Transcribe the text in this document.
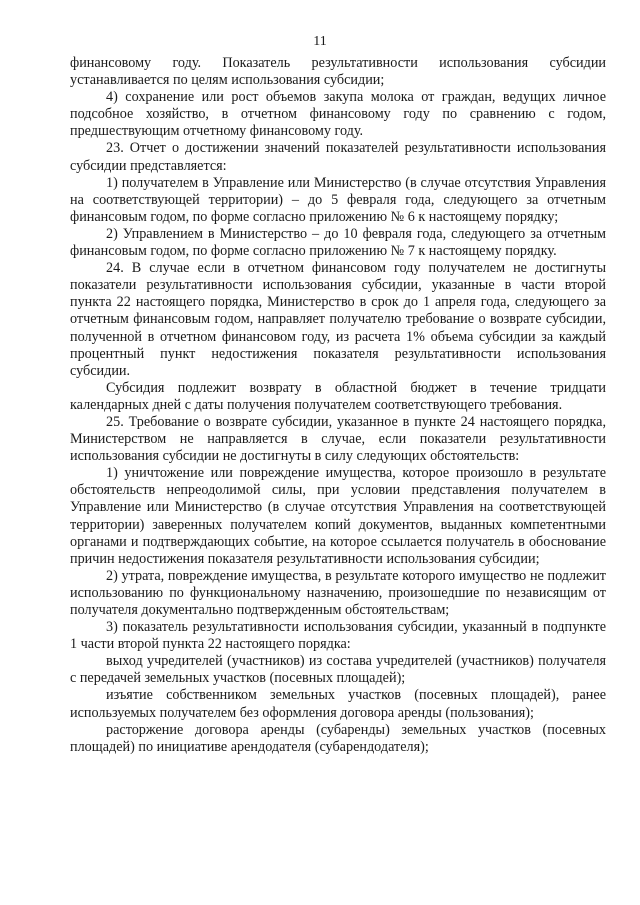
11

финансовому году. Показатель результативности использования субсидии устанавливается по целям использования субсидии;

4) сохранение или рост объемов закупа молока от граждан, ведущих личное подсобное хозяйство, в отчетном финансовому году по сравнению с годом, предшествующим отчетному финансовому году.

23. Отчет о достижении значений показателей результативности использования субсидии представляется:

1) получателем в Управление или Министерство (в случае отсутствия Управления на соответствующей территории) – до 5 февраля года, следующего за отчетным финансовым годом, по форме согласно приложению № 6 к настоящему порядку;

2) Управлением в Министерство – до 10 февраля года, следующего за отчетным финансовым годом, по форме согласно приложению № 7 к настоящему порядку.

24. В случае если в отчетном финансовом году получателем не достигнуты показатели результативности использования субсидии, указанные в части второй пункта 22 настоящего порядка, Министерство в срок до 1 апреля года, следующего за отчетным финансовым годом, направляет получателю требование о возврате субсидии, полученной в отчетном финансовом году, из расчета 1% объема субсидии за каждый процентный пункт недостижения показателя результативности использования субсидии.

Субсидия подлежит возврату в областной бюджет в течение тридцати календарных дней с даты получения получателем соответствующего требования.

25. Требование о возврате субсидии, указанное в пункте 24 настоящего порядка, Министерством не направляется в случае, если показатели результативности использования субсидии не достигнуты в силу следующих обстоятельств:

1) уничтожение или повреждение имущества, которое произошло в результате обстоятельств непреодолимой силы, при условии представления получателем в Управление или Министерство (в случае отсутствия Управления на соответствующей территории) заверенных получателем копий документов, выданных компетентными органами и подтверждающих событие, на которое ссылается получатель в обоснование причин недостижения показателя результативности использования субсидии;

2) утрата, повреждение имущества, в результате которого имущество не подлежит использованию по функциональному назначению, произошедшие по независящим от получателя документально подтвержденным обстоятельствам;

3) показатель результативности использования субсидии, указанный в подпункте 1 части второй пункта 22 настоящего порядка:

выход учредителей (участников) из состава учредителей (участников) получателя с передачей земельных участков (посевных площадей);

изъятие собственником земельных участков (посевных площадей), ранее используемых получателем без оформления договора аренды (пользования);

расторжение договора аренды (субаренды) земельных участков (посевных площадей) по инициативе арендодателя (субарендодателя);
